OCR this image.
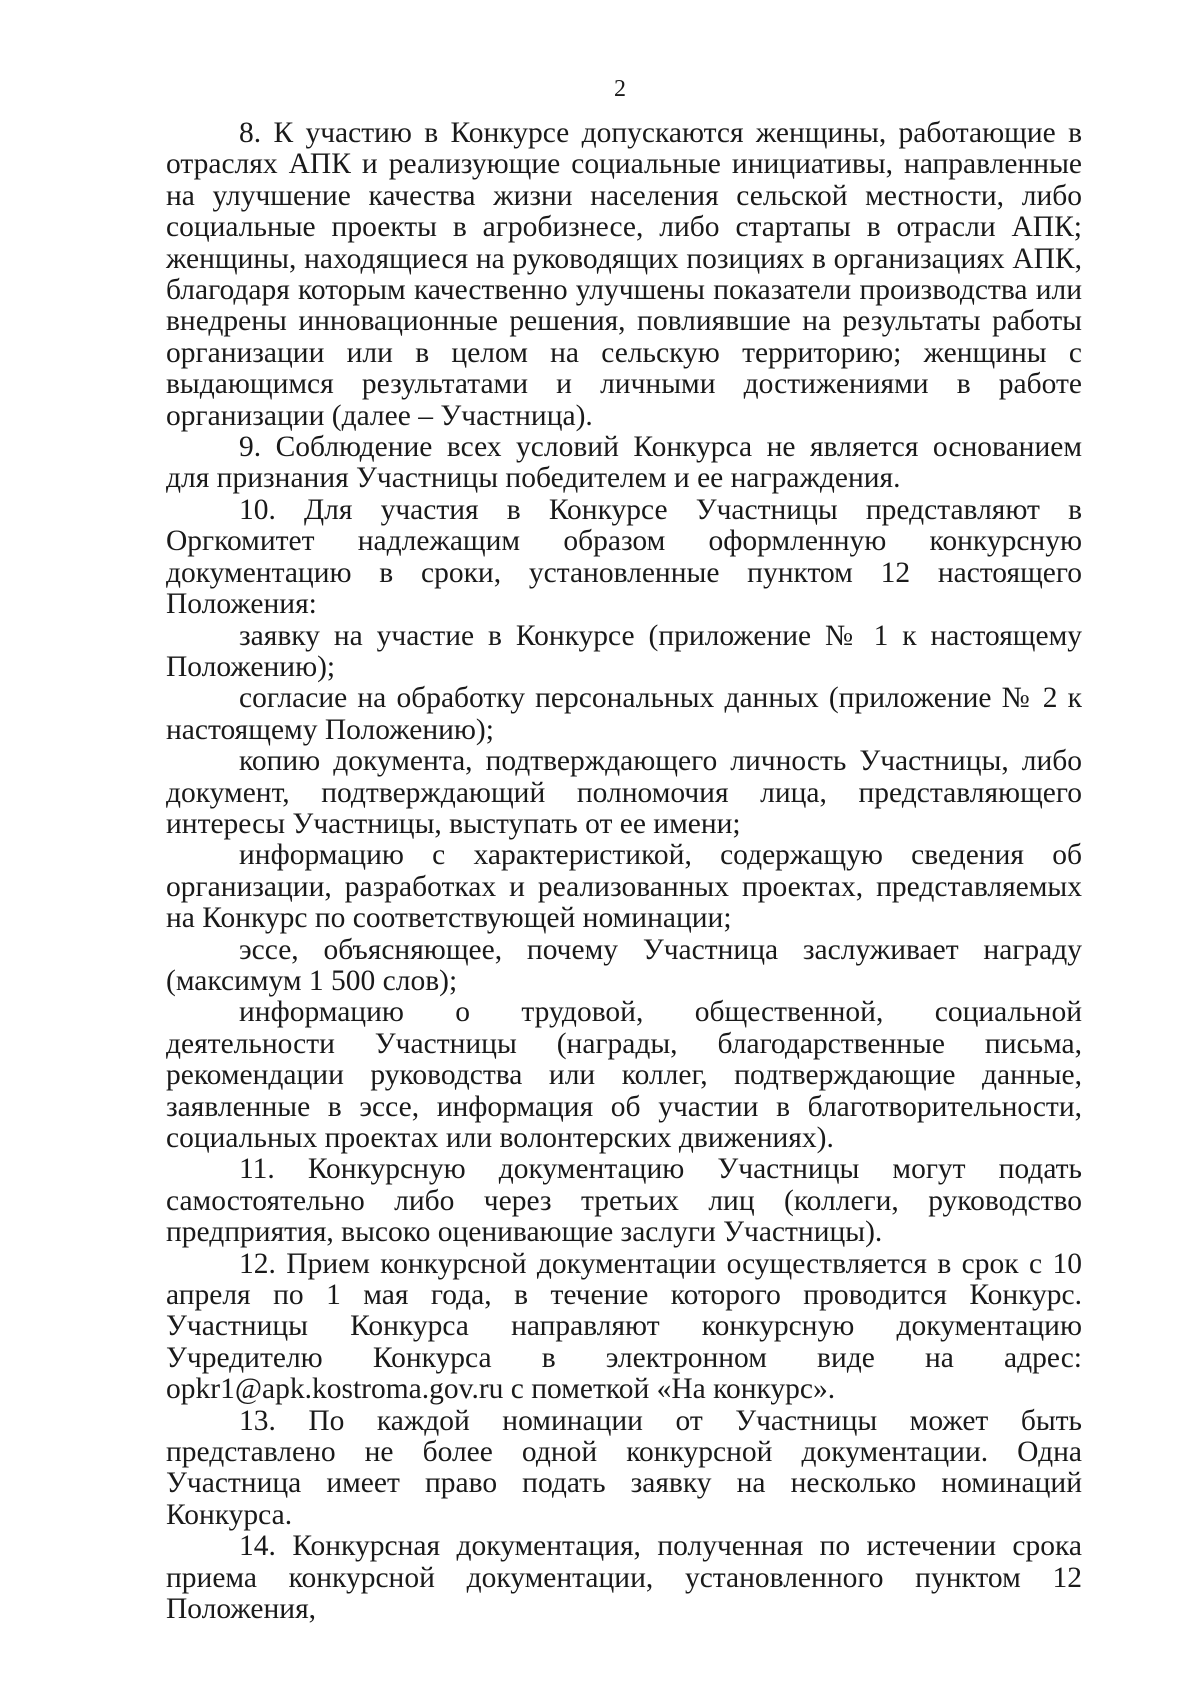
2

8. К участию в Конкурсе допускаются женщины, работающие в отраслях АПК и реализующие социальные инициативы, направленные на улучшение качества жизни населения сельской местности, либо социальные проекты в агробизнесе, либо стартапы в отрасли АПК; женщины, находящиеся на руководящих позициях в организациях АПК, благодаря которым качественно улучшены показатели производства или внедрены инновационные решения, повлиявшие на результаты работы организации или в целом на сельскую территорию; женщины с выдающимся результатами и личными достижениями в работе организации (далее – Участница).

9. Соблюдение всех условий Конкурса не является основанием для признания Участницы победителем и ее награждения.

10. Для участия в Конкурсе Участницы представляют в Оргкомитет надлежащим образом оформленную конкурсную документацию в сроки, установленные пунктом 12 настоящего Положения:

заявку на участие в Конкурсе (приложение № 1 к настоящему Положению);

согласие на обработку персональных данных (приложение № 2 к настоящему Положению);

копию документа, подтверждающего личность Участницы, либо документ, подтверждающий полномочия лица, представляющего интересы Участницы, выступать от ее имени;

информацию с характеристикой, содержащую сведения об организации, разработках и реализованных проектах, представляемых на Конкурс по соответствующей номинации;

эссе, объясняющее, почему Участница заслуживает награду (максимум 1 500 слов);

информацию о трудовой, общественной, социальной деятельности Участницы (награды, благодарственные письма, рекомендации руководства или коллег, подтверждающие данные, заявленные в эссе, информация об участии в благотворительности, социальных проектах или волонтерских движениях).

11. Конкурсную документацию Участницы могут подать самостоятельно либо через третьих лиц (коллеги, руководство предприятия, высоко оценивающие заслуги Участницы).

12. Прием конкурсной документации осуществляется в срок с 10 апреля по 1 мая года, в течение которого проводится Конкурс. Участницы Конкурса направляют конкурсную документацию Учредителю Конкурса в электронном виде на адрес: opkr1@apk.kostroma.gov.ru с пометкой «На конкурс».

13. По каждой номинации от Участницы может быть представлено не более одной конкурсной документации. Одна Участница имеет право подать заявку на несколько номинаций Конкурса.

14. Конкурсная документация, полученная по истечении срока приема конкурсной документации, установленного пунктом 12 Положения,
